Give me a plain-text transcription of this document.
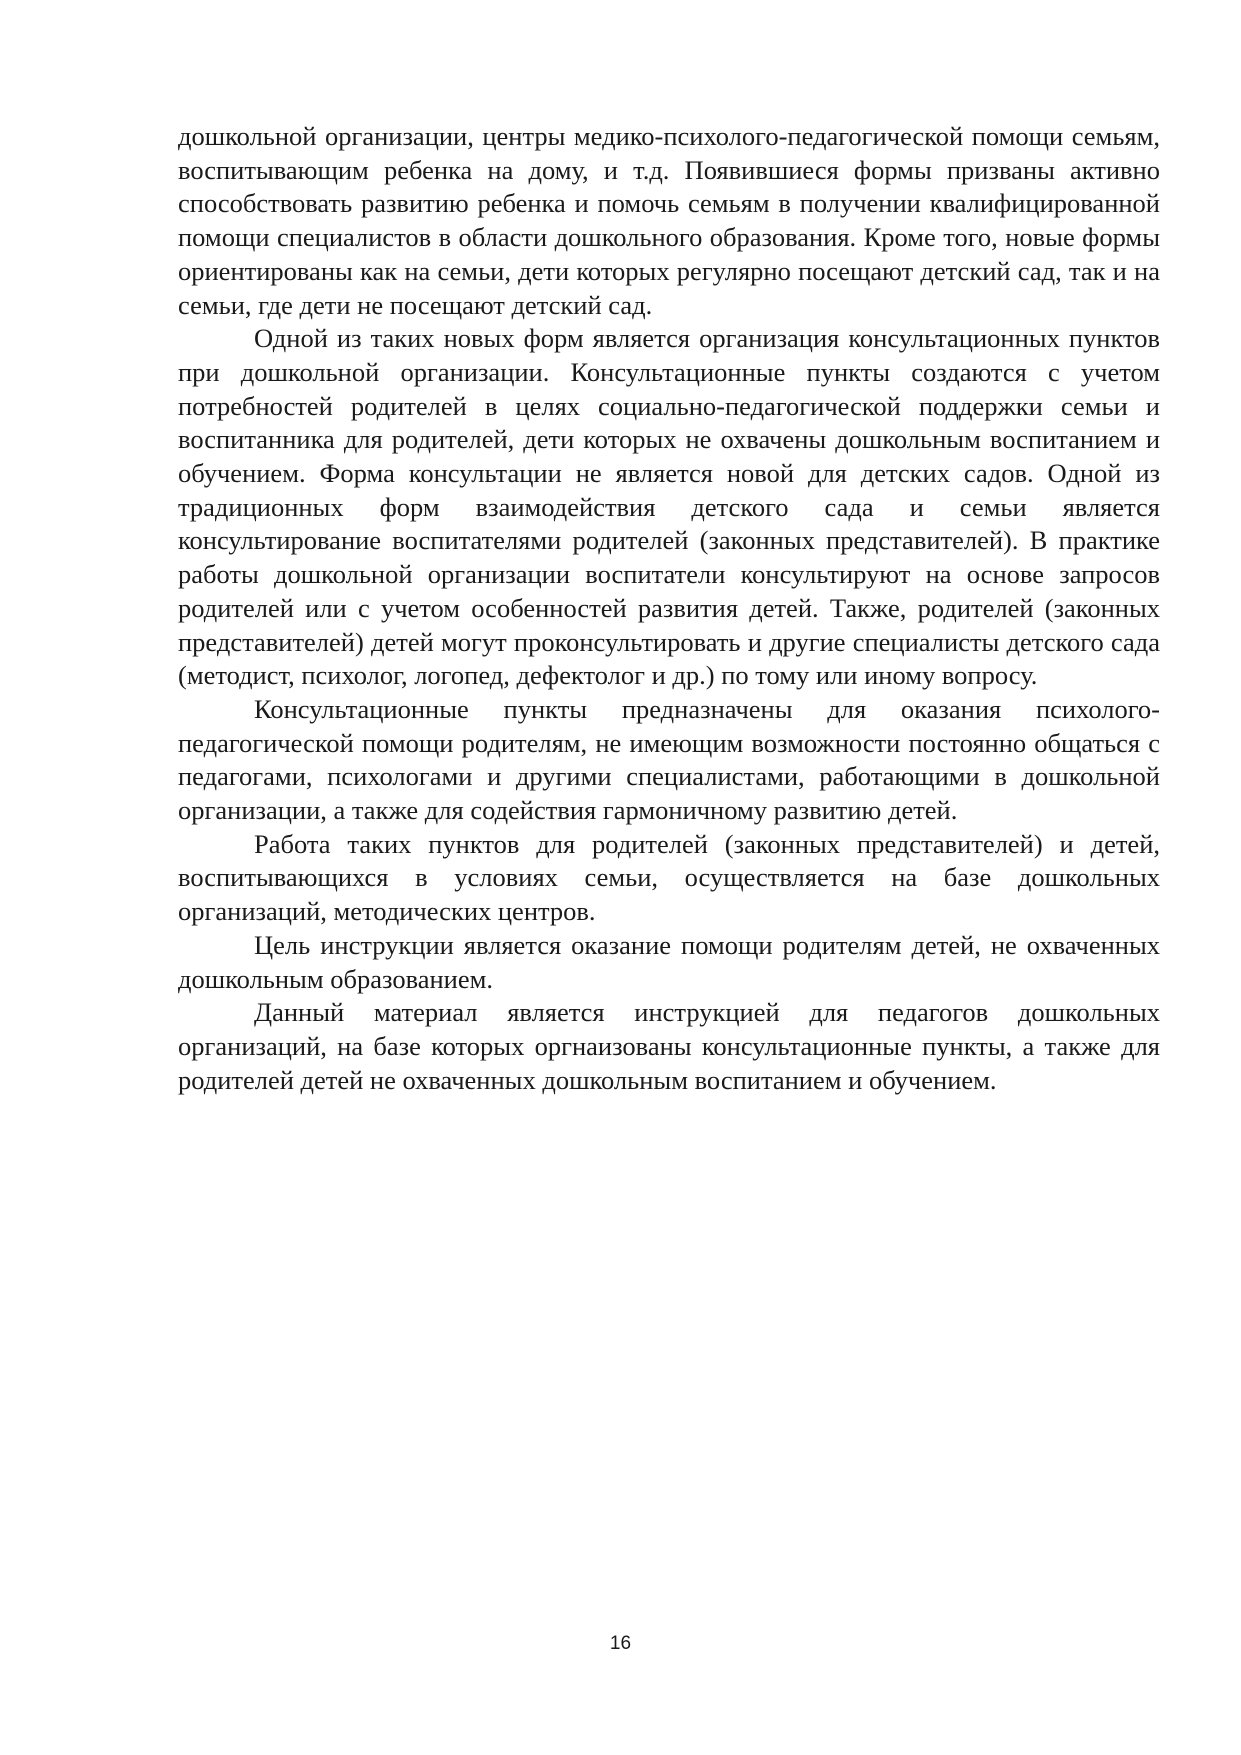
дошкольной организации, центры медико-психолого-педагогической помощи семьям, воспитывающим ребенка на дому, и т.д. Появившиеся формы призваны активно способствовать развитию ребенка и помочь семьям в получении квалифицированной помощи специалистов в области дошкольного образования. Кроме того, новые формы ориентированы как на семьи, дети которых регулярно посещают детский сад, так и на семьи, где дети не посещают детский сад.

Одной из таких новых форм является организация консультационных пунктов при дошкольной организации. Консультационные пункты создаются с учетом потребностей родителей в целях социально-педагогической поддержки семьи и воспитанника для родителей, дети которых не охвачены дошкольным воспитанием и обучением. Форма консультации не является новой для детских садов. Одной из традиционных форм взаимодействия детского сада и семьи является консультирование воспитателями родителей (законных представителей). В практике работы дошкольной организации воспитатели консультируют на основе запросов родителей или с учетом особенностей развития детей. Также, родителей (законных представителей) детей могут проконсультировать и другие специалисты детского сада (методист, психолог, логопед, дефектолог и др.) по тому или иному вопросу.

Консультационные пункты предназначены для оказания психолого-педагогической помощи родителям, не имеющим возможности постоянно общаться с педагогами, психологами и другими специалистами, работающими в дошкольной организации, а также для содействия гармоничному развитию детей.

Работа таких пунктов для родителей (законных представителей) и детей, воспитывающихся в условиях семьи, осуществляется на базе дошкольных организаций, методических центров.

Цель инструкции является оказание помощи родителям детей, не охваченных дошкольным образованием.

Данный материал является инструкцией для педагогов дошкольных организаций, на базе которых оргнаизованы консультационные пункты, а также для родителей детей не охваченных дошкольным воспитанием и обучением.

16
